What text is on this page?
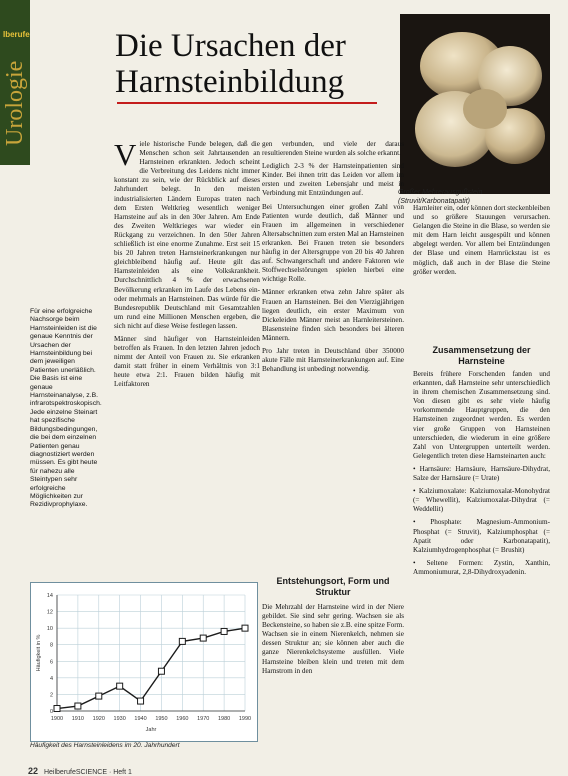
Iberufe
Urologie
Die Ursachen der
Harnsteinbildung
Großer Mehrerausgußstein (Struvit/Karbonatapatit)
Für eine erfolgreiche Nachsorge beim Harnsteinleiden ist die genaue Kenntnis der Ursachen der Harnsteinbildung bei dem jeweiligen Patienten unerläßlich. Die Basis ist eine genaue Harnsteinanalyse, z.B. infrarotspektroskopisch. Jede einzelne Steinart hat spezifische Bildungsbedingungen, die bei dem einzelnen Patienten genau diagnostiziert werden müssen. Es gibt heute für nahezu alle Steintypen sehr erfolgreiche Möglichkeiten zur Rezidivprophylaxe.
V iele historische Funde belegen, daß die Menschen schon seit Jahrtausenden an Harnsteinen erkrankten. Jedoch scheint die Verbreitung des Leidens nicht immer konstant zu sein, wie der Rückblick auf dieses Jahrhundert belegt. In den meisten industrialisierten Ländern Europas traten nach dem Ersten Weltkrieg wesentlich weniger Harnsteine auf als in den 30er Jahren. Am Ende des Zweiten Weltkrieges war wieder ein Rückgang zu verzeichnen. In den 50er Jahren schließlich ist eine enorme Zunahme. Erst seit 15 bis 20 Jahren treten Harnsteinerkrankungen nur gleichbleibend häufig auf. Heute gilt das Harnsteinleiden als eine Volkskrankheit. Durchschnittlich 4 % der erwachsenen Bevölkerung erkranken im Laufe des Lebens ein- oder mehrmals an Harnsteinen. Das würde für die Bundesrepublik Deutschland mit Gesamtzahlen um rund eine Millionen Menschen ergeben, die sich nicht auf diese Weise festlegen lassen.

Männer sind häufiger von Harnsteinleiden betroffen als Frauen. In den letzten Jahren jedoch nimmt der Anteil von Frauen zu. Sie erkranken damit statt früher in einem Verhältnis von 3:1 heute etwa 2:1. Frauen bilden häufig mit Leitfaktoren

gen verbunden, und viele der daraus resultierenden Steine wurden als solche erkannt.

Lediglich 2-3 % der Harnsteinpatienten sind Kinder. Bei ihnen tritt das Leiden vor allem im ersten und zweiten Lebensjahr und meist in Verbindung mit Entzündungen auf.

Bei Untersuchungen einer großen Zahl von Patienten wurde deutlich, daß Männer und Frauen im allgemeinen in verschiedener Altersabschnitten zum ersten Mal an Harnsteinen erkranken. Bei Frauen treten sie besonders häufig in der Altersgruppe von 20 bis 40 Jahren auf. Schwangerschaft und andere Faktoren wie Stoffwechselstörungen spielen hierbei eine wichtige Rolle.

Männer erkranken etwa zehn Jahre später als Frauen an Harnsteinen. Bei den Vierzigjährigen liegen deutlich, ein erster Maximum von Dickeleiden Männer meist an Harnleitersteinen. Blasensteine finden sich besonders bei älteren Männern.

Pro Jahr treten in Deutschland über 350000 akute Fälle mit Harnsteinerkrankungen auf. Eine Behandlung ist unbedingt notwendig.

Entstehungsort, Form und Struktur

Die Mehrzahl der Harnsteine wird in der Niere gebildet. Sie sind sehr gering. Wachsen sie als Beckensteine, so haben sie z.B. eine spitze Form. Wachsen sie in einem Nierenkelch, nehmen sie dessen Struktur an; sie können aber auch die ganze Nierenkelchsysteme ausfüllen. Viele Harnsteine bleiben klein und treten mit dem Harnstrom in den

Harnleiter ein, oder können dort steckenbleiben und so größere Stauungen verursachen. Gelangen die Steine in die Blase, so werden sie mit dem Harn leicht ausgespült und können abgelegt werden. Vor allem bei Entzündungen der Blase und einem Harnrückstau ist es möglich, daß auch in der Blase die Steine größer werden.

Zusammensetzung der Harnsteine

Bereits frühere Forschenden fanden und erkannten, daß Harnsteine sehr unterschiedlich in ihrem chemischen Zusammensetzung sind. Von diesen gibt es sehr viele häufig vorkommende Hauptgruppen, die den Harnsteinen zugeordnet werden. Es werden vier große Gruppen von Harnsteinen unterschieden, die wiederum in eine größere Zahl von Untergruppen unterteilt werden. Gelegentlich treten diese Harnsteinarten auch:

• Harnsäure: Harnsäure, Harnsäure-Dihydrat, Salze der Harnsäure (= Urate)

• Kalziumoxalate: Kalziumoxalat-Monohydrat (= Whewellit), Kalziumoxalat-Dihydrat (= Weddellit)

• Phosphate: Magnesium-Ammonium-Phosphat (= Struvit), Kalziumphosphat (= Apatit oder Karbonatapatit), Kalziumhydrogenphosphat (= Brushit)

• Seltene Formen: Zystin, Xanthin, Ammoniumurat, 2,8-Dihydroxyadenin.

0
2
4
6
8
10
12
14
1900 1910 1920 1930 1940 1950 1960 1970 1980 1990
Häufigkeit in %
Jahr
Häufigkeit des Harnsteinleidens im 20. Jahrhundert
22 HeilberufeSCIENCE · Heft 1
